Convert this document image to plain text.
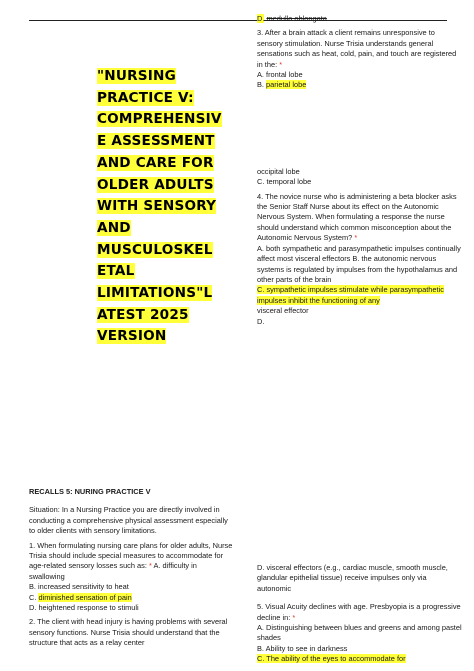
"NURSING
PRACTICE V:
COMPREHENSIV
E ASSESSMENT
AND CARE FOR
OLDER ADULTS
WITH SENSORY
AND
MUSCULOSKEL
ETAL
LIMITATIONS"L
ATEST 2025
VERSION

D. medulla oblongata

3. After a brain attack a client remains unresponsive to sensory stimulation. Nurse Trisia understands general sensations such as heat, cold, pain, and touch are registered in the: *

A. frontal lobe

B. parietal lobe

occipital lobe

C. temporal lobe

4. The novice nurse who is administering a beta blocker asks the Senior Staff Nurse about its effect on the Autonomic Nervous System. When formulating a response the nurse should understand which common misconception about the Autonomic Nervous System? *

A. both sympathetic and parasympathetic impulses continually affect most visceral effectors B. the autonomic nervous systems is regulated by impulses from the hypothalamus and other parts of the brain

C. sympathetic impulses stimulate while parasympathetic impulses inhibit the functioning of any

visceral effector

D.

RECALLS 5: NURING PRACTICE V

Situation: In a Nursing Practice you are directly involved in conducting a comprehensive physical assessment especially to older clients with sensory limitations.

1. When formulating nursing care plans for older adults, Nurse Trisia should include special measures to accommodate for age-related sensory losses such as: * A. difficulty in swallowing

B. increased sensitivity to heat

C. diminished sensation of pain

D. heightened response to stimuli

2. The client with head injury is having problems with several sensory functions. Nurse Trisia should understand that the structure that acts as a relay center

D. visceral effectors (e.g., cardiac muscle, smooth muscle, glandular epithelial tissue) receive impulses only via autonomic

5. Visual Acuity declines with age. Presbyopia is a progressive decline in: *

A. Distinguishing between blues and greens and among pastel shades

B. Ability to see in darkness

C. The ability of the eyes to accommodate for
